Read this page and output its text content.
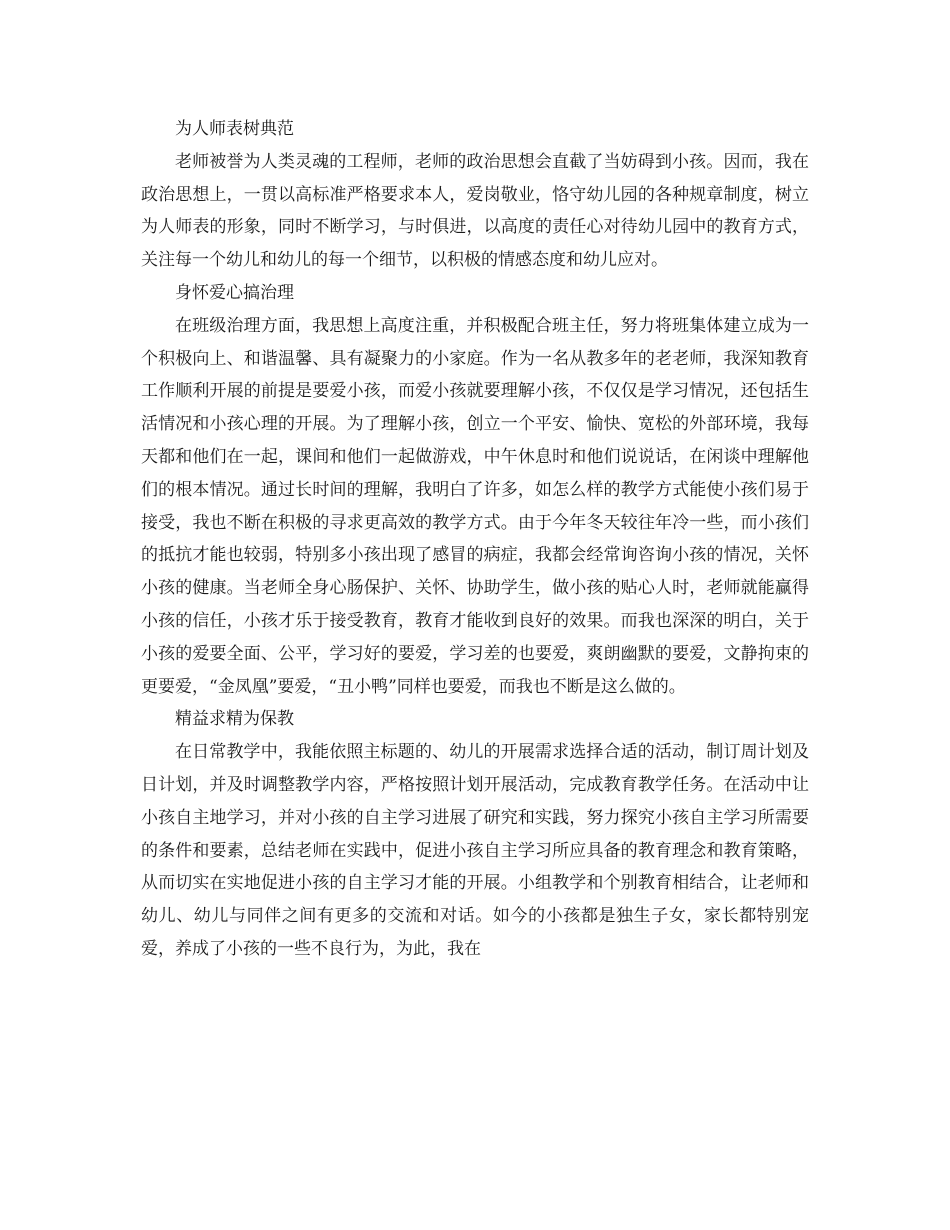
为人师表树典范

老师被誉为人类灵魂的工程师，老师的政治思想会直截了当妨碍到小孩。因而，我在政治思想上，一贯以高标准严格要求本人，爱岗敬业，恪守幼儿园的各种规章制度，树立为人师表的形象，同时不断学习，与时俱进，以高度的责任心对待幼儿园中的教育方式，关注每一个幼儿和幼儿的每一个细节，以积极的情感态度和幼儿应对。

身怀爱心搞治理

在班级治理方面，我思想上高度注重，并积极配合班主任，努力将班集体建立成为一个积极向上、和谐温馨、具有凝聚力的小家庭。作为一名从教多年的老老师，我深知教育工作顺利开展的前提是要爱小孩，而爱小孩就要理解小孩，不仅仅是学习情况，还包括生活情况和小孩心理的开展。为了理解小孩，创立一个平安、愉快、宽松的外部环境，我每天都和他们在一起，课间和他们一起做游戏，中午休息时和他们说说话，在闲谈中理解他们的根本情况。通过长时间的理解，我明白了许多，如怎么样的教学方式能使小孩们易于接受，我也不断在积极的寻求更高效的教学方式。由于今年冬天较往年冷一些，而小孩们的抵抗才能也较弱，特别多小孩出现了感冒的病症，我都会经常询咨询小孩的情况，关怀小孩的健康。当老师全身心肠保护、关怀、协助学生，做小孩的贴心人时，老师就能赢得小孩的信任，小孩才乐于接受教育，教育才能收到良好的效果。而我也深深的明白，关于小孩的爱要全面、公平，学习好的要爱，学习差的也要爱，爽朗幽默的要爱，文静拘束的更要爱，“金凤凰”要爱，“丑小鸭”同样也要爱，而我也不断是这么做的。

精益求精为保教

在日常教学中，我能依照主标题的、幼儿的开展需求选择合适的活动，制订周计划及日计划，并及时调整教学内容，严格按照计划开展活动，完成教育教学任务。在活动中让小孩自主地学习，并对小孩的自主学习进展了研究和实践，努力探究小孩自主学习所需要的条件和要素，总结老师在实践中，促进小孩自主学习所应具备的教育理念和教育策略，从而切实在实地促进小孩的自主学习才能的开展。小组教学和个别教育相结合，让老师和幼儿、幼儿与同伴之间有更多的交流和对话。如今的小孩都是独生子女，家长都特别宠爱，养成了小孩的一些不良行为，为此，我在
